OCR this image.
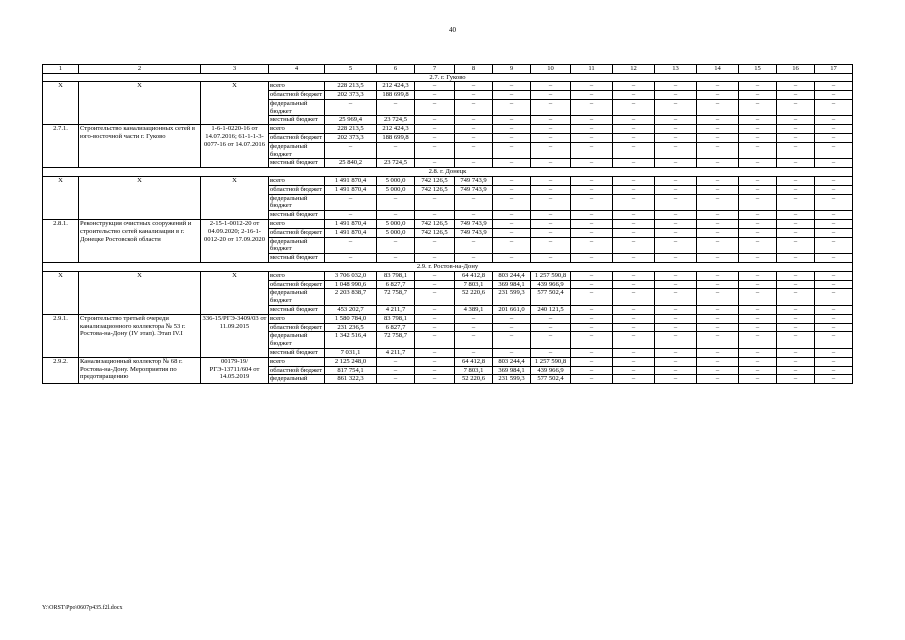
40
1	2	3	4	5	6	7	8	9	10	11	12	13	14	15	16	17
2.7. г. Гуково																
Х	Х	Х	всего	228 213,5	212 424,3	–	–	–	–	–	–	–	–	–	–	–
			областной бюджет	202 373,3	188 699,8	–	–	–	–	–	–	–	–	–	–	–
			федеральный бюджет	–	–	–	–	–	–	–	–	–	–	–	–	–
			местный бюджет	25 969,4	23 724,5	–	–	–	–	–	–	–	–	–	–	–
2.7.1.	Строительство канализационных сетей в юго-восточной части г. Гуково	1-6-1-0220-16 от 14.07.2016; 61-1-1-3-0077-16 от 14.07.2016	всего	228 213,5	212 424,3	–	–	–	–	–	–	–	–	–	–	–
			областной бюджет	202 373,3	188 699,8	–	–	–	–	–	–	–	–	–	–	–
			федеральный бюджет	–	–	–	–	–	–	–	–	–	–	–	–	–
			местный бюджет	25 840,2	23 724,5	–	–	–	–	–	–	–	–	–	–	–
2.8. г. Донецк																
Х	Х	Х	всего	1 491 870,4	5 000,0	742 126,5	749 743,9	–	–	–	–	–	–	–	–	–
			областной бюджет	1 491 870,4	5 000,0	742 126,5	749 743,9	–	–	–	–	–	–	–	–	–
			федеральный бюджет	–	–	–	–	–	–	–	–	–	–	–	–	–
			местный бюджет	–	–	–	–	–	–	–	–	–	–	–	–	–
2.8.1.	Реконструкция очистных сооружений и строительство сетей канализации в г. Донецке Ростовской области	2-15-1-0012-20 от 04.09.2020; 2-16-1-0012-20 от 17.09.2020	всего	1 491 870,4	5 000,0	742 126,5	749 743,9	–	–	–	–	–	–	–	–	–
			областной бюджет	1 491 870,4	5 000,0	742 126,5	749 743,9	–	–	–	–	–	–	–	–	–
			федеральный бюджет	–	–	–	–	–	–	–	–	–	–	–	–	–
			местный бюджет	–	–	–	–	–	–	–	–	–	–	–	–	–
2.9. г. Ростов-на-Дону																
Х	Х	Х	всего	3 706 032,0	83 798,1	–	64 412,8	803 244,4	1 257 590,8	–	–	–	–	–	–	–
			областной бюджет	1 048 990,6	6 827,7	–	7 803,1	369 984,1	439 966,9	–	–	–	–	–	–	–
			федеральный бюджет	2 203 838,7	72 758,7	–	52 220,6	231 599,3	577 502,4	–	–	–	–	–	–	–
			местный бюджет	453 202,7	4 211,7	–	4 389,1	201 661,0	240 121,5	–	–	–	–	–	–	–
2.9.1.	Строительство третьей очереди канализационного коллектора № 53 г. Ростова-на-Дону (IV этап). Этап IV.I	336-15/РГЭ-3409/03 от 11.09.2015	всего	1 580 784,0	83 798,1	–	–	–	–	–	–	–	–	–	–	–
			областной бюджет	231 236,5	6 827,7	–	–	–	–	–	–	–	–	–	–	–
			федеральный бюджет	1 342 516,4	72 758,7	–	–	–	–	–	–	–	–	–	–	–
			местный бюджет	7 031,1	4 211,7	–	–	–	–	–	–	–	–	–	–	–
2.9.2.	Канализационный коллектор № 68 г. Ростова-на-Дону. Мероприятия по предотвращению	00179-19/РГЭ-13711/604 от 14.05.2019	всего	2 125 248,0	–	–	64 412,8	803 244,4	1 257 590,8	–	–	–	–	–	–	–
			областной бюджет	817 754,1	–	–	7 803,1	369 984,1	439 966,9	–	–	–	–	–	–	–
			федеральный	861 322,3	–	–	52 220,6	231 599,3	577 502,4	–	–	–	–	–	–	–
Y:\ORST\Ppo\0607p435.f2l.docx
